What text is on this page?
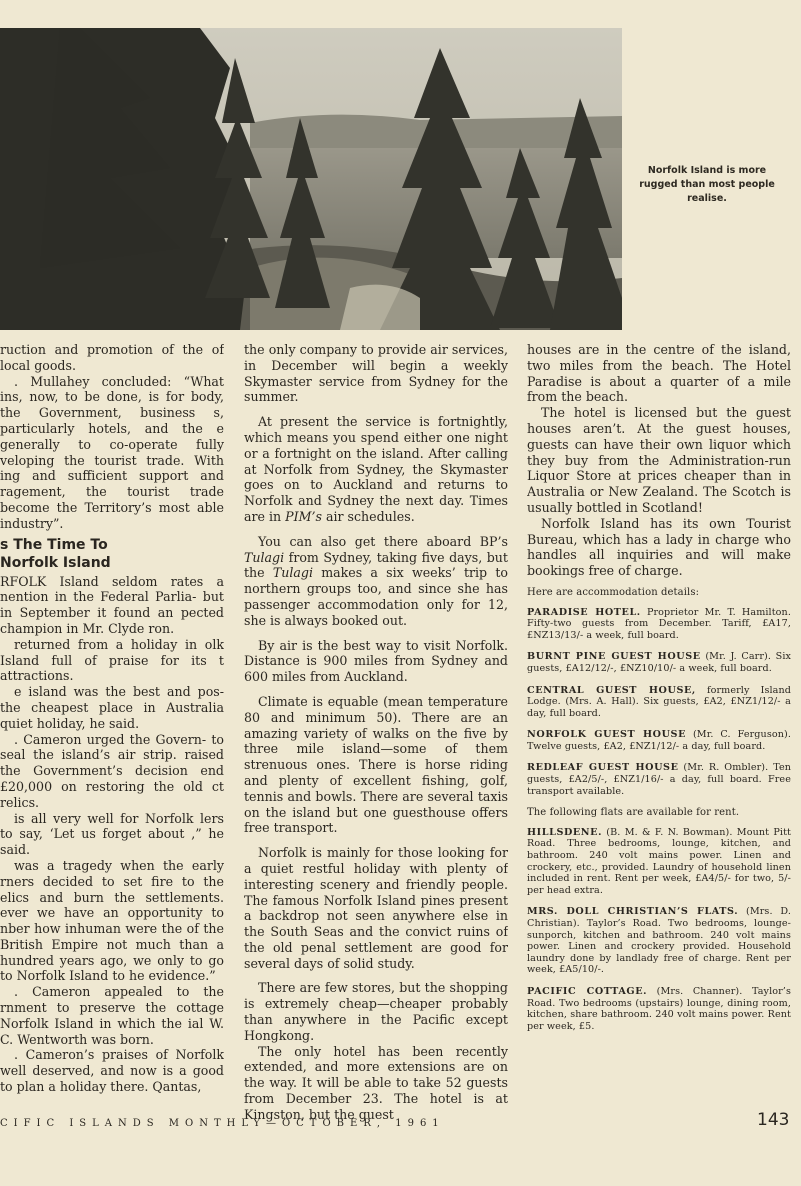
Norfolk Island is more rugged than most people realise.

ruction and promotion of the of local goods.

. Mullahey concluded: “What ins, now, to be done, is for body, the Government, business s, particularly hotels, and the e generally to co-operate fully veloping the tourist trade. With ing and sufficient support and ragement, the tourist trade become the Territory’s most able industry”.

s The Time To
Norfolk Island

RFOLK Island seldom rates a nention in the Federal Parlia- but in September it found an pected champion in Mr. Clyde ron.

returned from a holiday in olk Island full of praise for its t attractions.

e island was the best and pos- the cheapest place in Australia quiet holiday, he said.

. Cameron urged the Govern- to seal the island’s air strip. raised the Government’s decision end £20,000 on restoring the old ct relics.

is all very well for Norfolk lers to say, ‘Let us forget about ,” he said.

was a tragedy when the early rners decided to set fire to the elics and burn the settlements. ever we have an opportunity to nber how inhuman were the of the British Empire not much than a hundred years ago, we only to go to Norfolk Island to he evidence.”

. Cameron appealed to the rnment to preserve the cottage Norfolk Island in which the ial W. C. Wentworth was born.

. Cameron’s praises of Norfolk well deserved, and now is a good to plan a holiday there. Qantas,

the only company to provide air services, in December will begin a weekly Skymaster service from Sydney for the summer.

At present the service is fortnightly, which means you spend either one night or a fortnight on the island. After calling at Norfolk from Sydney, the Skymaster goes on to Auckland and returns to Norfolk and Sydney the next day. Times are in PIM’s air schedules.

You can also get there aboard BP’s Tulagi from Sydney, taking five days, but the Tulagi makes a six weeks’ trip to northern groups too, and since she has passenger accommodation only for 12, she is always booked out.

By air is the best way to visit Norfolk. Distance is 900 miles from Sydney and 600 miles from Auckland.

Climate is equable (mean temperature 80 and minimum 50). There are an amazing variety of walks on the five by three mile island—some of them strenuous ones. There is horse riding and plenty of excellent fishing, golf, tennis and bowls. There are several taxis on the island but one guesthouse offers free transport.

Norfolk is mainly for those looking for a quiet restful holiday with plenty of interesting scenery and friendly people. The famous Norfolk Island pines present a backdrop not seen anywhere else in the South Seas and the convict ruins of the old penal settlement are good for several days of solid study.

There are few stores, but the shopping is extremely cheap—cheaper probably than anywhere in the Pacific except Hongkong.

The only hotel has been recently extended, and more extensions are on the way. It will be able to take 52 guests from December 23. The hotel is at Kingston, but the guest

houses are in the centre of the island, two miles from the beach. The Hotel Paradise is about a quarter of a mile from the beach.

The hotel is licensed but the guest houses aren’t. At the guest houses, guests can have their own liquor which they buy from the Administration-run Liquor Store at prices cheaper than in Australia or New Zealand. The Scotch is usually bottled in Scotland!

Norfolk Island has its own Tourist Bureau, which has a lady in charge who handles all inquiries and will make bookings free of charge.

Here are accommodation details:

PARADISE HOTEL. Proprietor Mr. T. Hamilton. Fifty-two guests from December. Tariff, £A17, £NZ13/13/- a week, full board.

BURNT PINE GUEST HOUSE (Mr. J. Carr). Six guests, £A12/12/-, £NZ10/10/- a week, full board.

CENTRAL GUEST HOUSE, formerly Island Lodge. (Mrs. A. Hall). Six guests, £A2, £NZ1/12/- a day, full board.

NORFOLK GUEST HOUSE (Mr. C. Ferguson). Twelve guests, £A2, £NZ1/12/- a day, full board.

REDLEAF GUEST HOUSE (Mr. R. Ombler). Ten guests, £A2/5/-, £NZ1/16/- a day, full board. Free transport available.

The following flats are available for rent.

HILLSDENE. (B. M. & F. N. Bowman). Mount Pitt Road. Three bedrooms, lounge, kitchen, and bathroom. 240 volt mains power. Linen and crockery, etc., provided. Laundry of household linen included in rent. Rent per week, £A4/5/- for two, 5/- per head extra.

MRS. DOLL CHRISTIAN’S FLATS. (Mrs. D. Christian). Taylor’s Road. Two bedrooms, lounge-sunporch, kitchen and bathroom. 240 volt mains power. Linen and crockery provided. Household laundry done by landlady free of charge. Rent per week, £A5/10/-.

PACIFIC COTTAGE. (Mrs. Channer). Taylor’s Road. Two bedrooms (upstairs) lounge, dining room, kitchen, share bathroom. 240 volt mains power. Rent per week, £5.

CIFIC ISLANDS MONTHLY—OCTOBER, 1961	143
